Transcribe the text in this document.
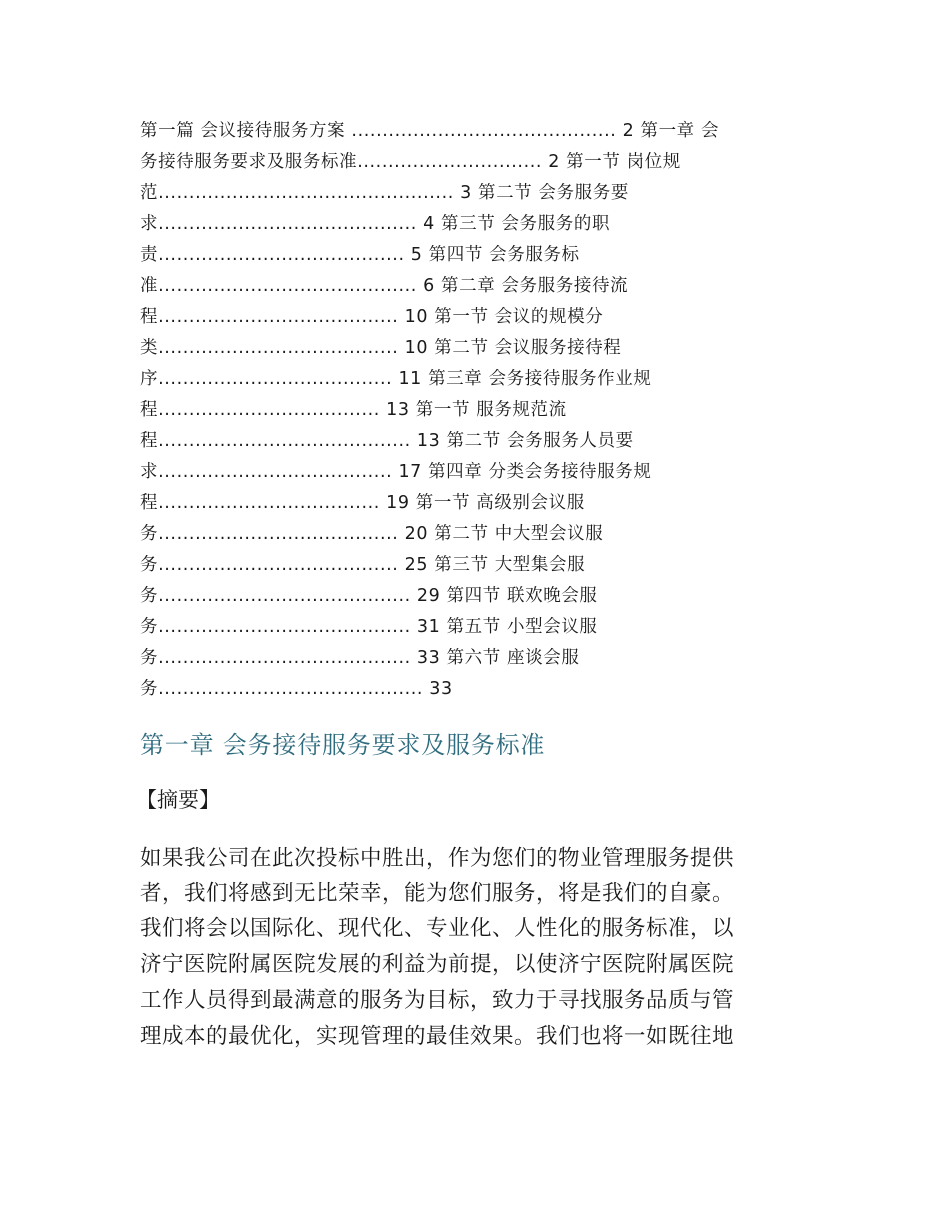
第一篇 会议接待服务方案 ........................................... 2 第一章 会
务接待服务要求及服务标准.............................. 2 第一节 岗位规
范................................................ 3 第二节 会务服务要
求.......................................... 4 第三节 会务服务的职
责........................................ 5 第四节 会务服务标
准.......................................... 6 第二章 会务服务接待流
程....................................... 10 第一节 会议的规模分
类....................................... 10 第二节 会议服务接待程
序...................................... 11 第三章 会务接待服务作业规
程.................................... 13 第一节 服务规范流
程......................................... 13 第二节 会务服务人员要
求...................................... 17 第四章 分类会务接待服务规
程.................................... 19 第一节 高级别会议服
务....................................... 20 第二节 中大型会议服
务....................................... 25 第三节 大型集会服
务......................................... 29 第四节 联欢晚会服
务......................................... 31 第五节 小型会议服
务......................................... 33 第六节 座谈会服
务........................................... 33
第一章 会务接待服务要求及服务标准
【摘要】
如果我公司在此次投标中胜出，作为您们的物业管理服务提供
者，我们将感到无比荣幸，能为您们服务，将是我们的自豪。
我们将会以国际化、现代化、专业化、人性化的服务标准，以
济宁医院附属医院发展的利益为前提，以使济宁医院附属医院
工作人员得到最满意的服务为目标，致力于寻找服务品质与管
理成本的最优化，实现管理的最佳效果。我们也将一如既往地
